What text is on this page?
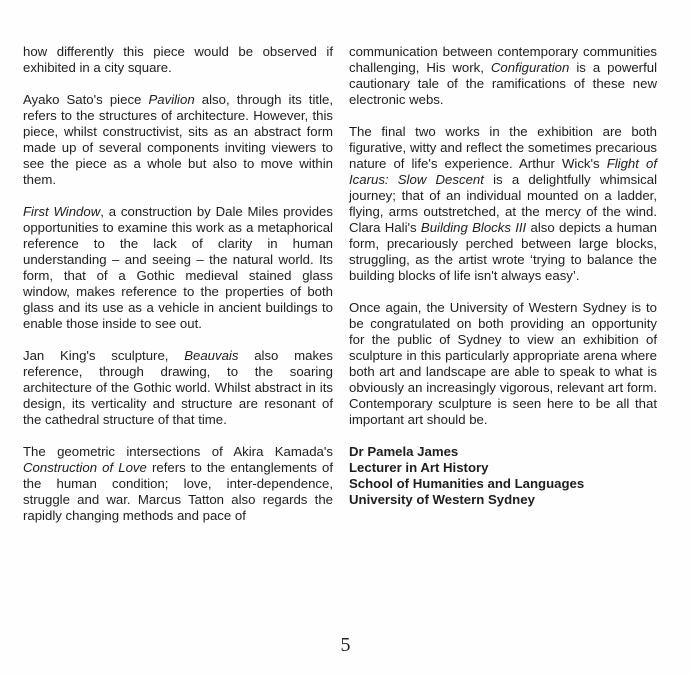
how differently this piece would be observed if exhibited in a city square.

Ayako Sato's piece Pavilion also, through its title, refers to the structures of architecture. However, this piece, whilst constructivist, sits as an abstract form made up of several components inviting viewers to see the piece as a whole but also to move within them.

First Window, a construction by Dale Miles provides opportunities to examine this work as a metaphorical reference to the lack of clarity in human understanding – and seeing – the natural world. Its form, that of a Gothic medieval stained glass window, makes reference to the properties of both glass and its use as a vehicle in ancient buildings to enable those inside to see out.

Jan King's sculpture, Beauvais also makes reference, through drawing, to the soaring architecture of the Gothic world. Whilst abstract in its design, its verticality and structure are resonant of the cathedral structure of that time.

The geometric intersections of Akira Kamada's Construction of Love refers to the entanglements of the human condition; love, inter-dependence, struggle and war. Marcus Tatton also regards the rapidly changing methods and pace of

communication between contemporary communities challenging, His work, Configuration is a powerful cautionary tale of the ramifications of these new electronic webs.

The final two works in the exhibition are both figurative, witty and reflect the sometimes precarious nature of life's experience. Arthur Wick's Flight of Icarus: Slow Descent is a delightfully whimsical journey; that of an individual mounted on a ladder, flying, arms outstretched, at the mercy of the wind. Clara Hali's Building Blocks III also depicts a human form, precariously perched between large blocks, struggling, as the artist wrote ‘trying to balance the building blocks of life isn't always easy’.

Once again, the University of Western Sydney is to be congratulated on both providing an opportunity for the public of Sydney to view an exhibition of sculpture in this particularly appropriate arena where both art and landscape are able to speak to what is obviously an increasingly vigorous, relevant art form. Contemporary sculpture is seen here to be all that important art should be.

Dr Pamela James
Lecturer in Art History
School of Humanities and Languages
University of Western Sydney
5
